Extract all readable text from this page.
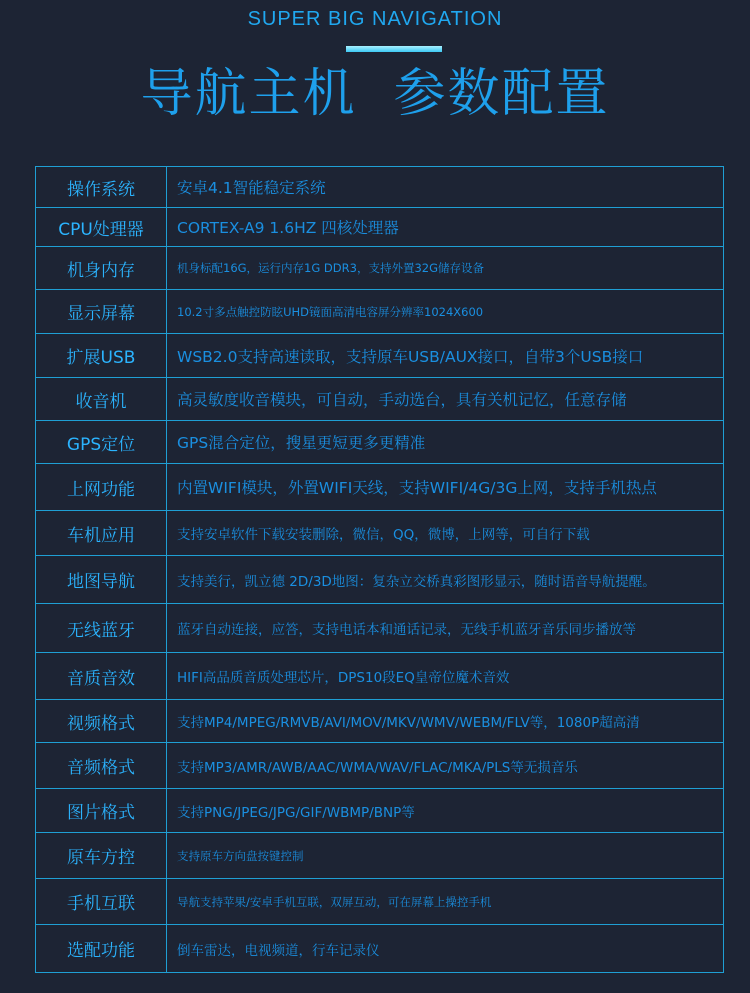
SUPER BIG NAVIGATION
导航主机  参数配置
操作系统	安卓4.1智能稳定系统
CPU处理器	CORTEX-A9 1.6HZ 四核处理器
机身内存	机身标配16G，运行内存1G DDR3，支持外置32G储存设备
显示屏幕	10.2寸多点触控防眩UHD镜面高清电容屏分辨率1024X600
扩展USB	WSB2.0支持高速读取，支持原车USB/AUX接口，自带3个USB接口
收音机	高灵敏度收音模块，可自动，手动选台，具有关机记忆，任意存储
GPS定位	GPS混合定位，搜星更短更多更精准
上网功能	内置WIFI模块，外置WIFI天线，支持WIFI/4G/3G上网，支持手机热点
车机应用	支持安卓软件下载安装删除，微信，QQ，微博，上网等，可自行下载
地图导航	支持美行，凯立德 2D/3D地图：复杂立交桥真彩图形显示，随时语音导航提醒。
无线蓝牙	蓝牙自动连接，应答，支持电话本和通话记录，无线手机蓝牙音乐同步播放等
音质音效	HIFI高品质音质处理芯片，DPS10段EQ皇帝位魔术音效
视频格式	支持MP4/MPEG/RMVB/AVI/MOV/MKV/WMV/WEBM/FLV等，1080P超高清
音频格式	支持MP3/AMR/AWB/AAC/WMA/WAV/FLAC/MKA/PLS等无损音乐
图片格式	支持PNG/JPEG/JPG/GIF/WBMP/BNP等
原车方控	支持原车方向盘按键控制
手机互联	导航支持苹果/安卓手机互联，双屏互动，可在屏幕上操控手机
选配功能	倒车雷达，电视频道，行车记录仪
